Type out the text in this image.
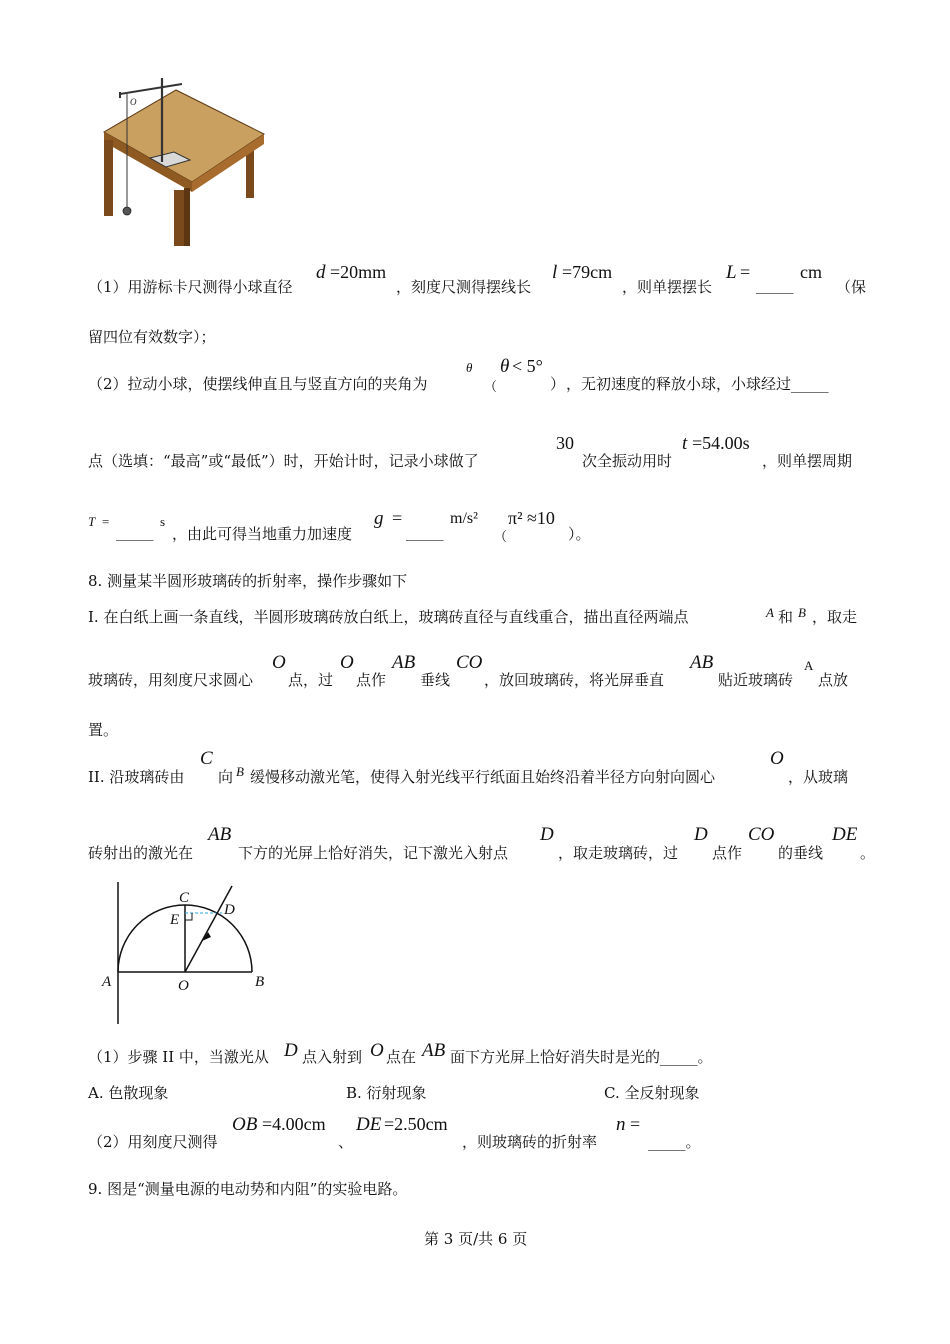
O
（1）用游标卡尺测得小球直径
d =20mm
，刻度尺测得摆线长
l =79cm
，则单摆摆长
L =
_____
cm
（保
留四位有效数字）；
（2）拉动小球，使摆线伸直且与竖直方向的夹角为
θ
（
θ < 5°
） ，无初速度的释放小球，小球经过_____
点（选填：“最高”或“最低”）时，开始计时，记录小球做了
30
次全振动用时
t =54.00s
，则单摆周期
T =
_____
s
，由此可得当地重力加速度
g =
_____
m/s²
（
π² ≈10
）。
8. 测量某半圆形玻璃砖的折射率，操作步骤如下
I. 在白纸上画一条直线，半圆形玻璃砖放白纸上，玻璃砖直径与直线重合，描出直径两端点	A 和 B ，取走
玻璃砖，用刻度尺求圆心
O
点，过
O
点作
AB
垂线
CO
，放回玻璃砖，将光屏垂直
AB
贴近玻璃砖
A
点放
置。
II. 沿玻璃砖由
C
向 B 缓慢移动激光笔，使得入射光线平行纸面且始终沿着半径方向射向圆心
O
，从玻璃
砖射出的激光在
AB
下方的光屏上恰好消失，记下激光入射点
D
，取走玻璃砖，过
D
点作
CO
的垂线
DE
。
C
D
E
A	O	B
（1）步骤 II 中，当激光从 D 点入射到 O 点在 AB 面下方光屏上恰好消失时是光的_____。
A. 色散现象	B. 衍射现象	C. 全反射现象
（2）用刻度尺测得
OB =4.00cm
、
DE =2.50cm
，则玻璃砖的折射率
n =
_____。
9. 图是“测量电源的电动势和内阻”的实验电路。
第 3 页/共 6 页
